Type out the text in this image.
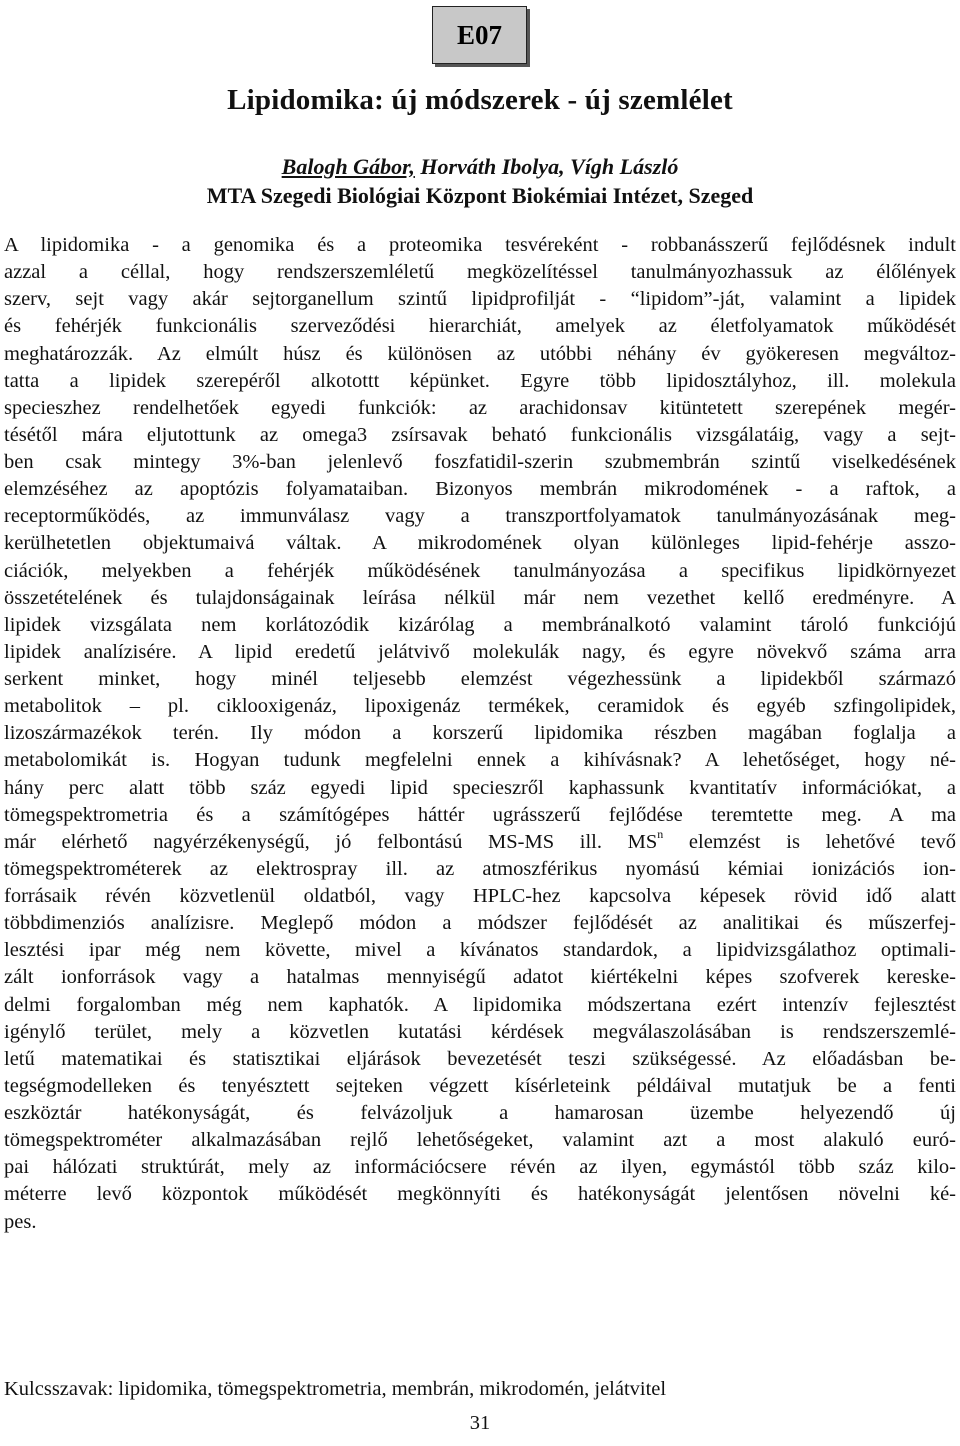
E07
Lipidomika: új módszerek - új szemlélet
Balogh Gábor, Horváth Ibolya, Vígh László
MTA Szegedi Biológiai Központ Biokémiai Intézet, Szeged
A lipidomika - a genomika és a proteomika tesvéreként - robbanásszerű fejlődésnek indult
azzal a céllal, hogy rendszerszemléletű megközelítéssel tanulmányozhassuk az élőlények
szerv, sejt vagy akár sejtorganellum szintű lipidprofilját - “lipidom”-ját, valamint a lipidek
és fehérjék funkcionális szerveződési hierarchiát, amelyek az életfolyamatok működését
meghatározzák. Az elmúlt húsz és különösen az utóbbi néhány év gyökeresen megváltoz-
tatta a lipidek szerepéről alkotottt képünket. Egyre több lipidosztályhoz, ill. molekula
specieszhez rendelhetőek egyedi funkciók: az arachidonsav kitüntetett szerepének megér-
tésétől mára eljutottunk az omega3 zsírsavak beható funkcionális vizsgálatáig, vagy a sejt-
ben csak mintegy 3%-ban jelenlevő foszfatidil-szerin szubmembrán szintű viselkedésének
elemzéséhez az apoptózis folyamataiban. Bizonyos membrán mikrodomének - a raftok, a
receptorműködés, az immunválasz vagy a transzportfolyamatok tanulmányozásának meg-
kerülhetetlen objektumaivá váltak. A mikrodomének olyan különleges lipid-fehérje asszo-
ciációk, melyekben a fehérjék működésének tanulmányozása a specifikus lipidkörnyezet
összetételének és tulajdonságainak leírása nélkül már nem vezethet kellő eredményre. A
lipidek vizsgálata nem korlátozódik kizárólag a membránalkotó valamint tároló funkciójú
lipidek analízisére. A lipid eredetű jelátvivő molekulák nagy, és egyre növekvő száma arra
serkent minket, hogy minél teljesebb elemzést végezhessünk a lipidekből származó
metabolitok – pl. ciklooxigenáz, lipoxigenáz termékek, ceramidok és egyéb szfingolipidek,
lizoszármazékok terén. Ily módon a korszerű lipidomika részben magában foglalja a
metabolomikát is. Hogyan tudunk megfelelni ennek a kihívásnak? A lehetőséget, hogy né-
hány perc alatt több száz egyedi lipid specieszről kaphassunk kvantitatív információkat, a
tömegspektrometria és a számítógépes háttér ugrásszerű fejlődése teremtette meg. A ma
már elérhető nagyérzékenységű, jó felbontású MS-MS ill. $MS^n$ elemzést is lehetővé tevő
tömegspektrométerek az elektrospray ill. az atmoszférikus nyomású kémiai ionizációs ion-
forrásaik révén közvetlenül oldatból, vagy HPLC-hez kapcsolva képesek rövid idő alatt
többdimenziós analízisre. Meglepő módon a módszer fejlődését az analitikai és műszerfej-
lesztési ipar még nem követte, mivel a kívánatos standardok, a lipidvizsgálathoz optimali-
zált ionforrások vagy a hatalmas mennyiségű adatot kiértékelni képes szofverek kereske-
delmi forgalomban még nem kaphatók. A lipidomika módszertana ezért intenzív fejlesztést
igénylő terület, mely a közvetlen kutatási kérdések megválaszolásában is rendszerszemlé-
letű matematikai és statisztikai eljárások bevezetését teszi szükségessé. Az előadásban be-
tegségmodelleken és tenyésztett sejteken végzett kísérleteink példáival mutatjuk be a fenti
eszköztár hatékonyságát, és felvázoljuk a hamarosan üzembe helyezendő új
tömegspektrométer alkalmazásában rejlő lehetőségeket, valamint azt a most alakuló euró-
pai hálózati struktúrát, mely az információcsere révén az ilyen, egymástól több száz kilo-
méterre levő központok működését megkönnyíti és hatékonyságát jelentősen növelni ké-
pes.
Kulcsszavak: lipidomika, tömegspektrometria, membrán, mikrodomén, jelátvitel
31
